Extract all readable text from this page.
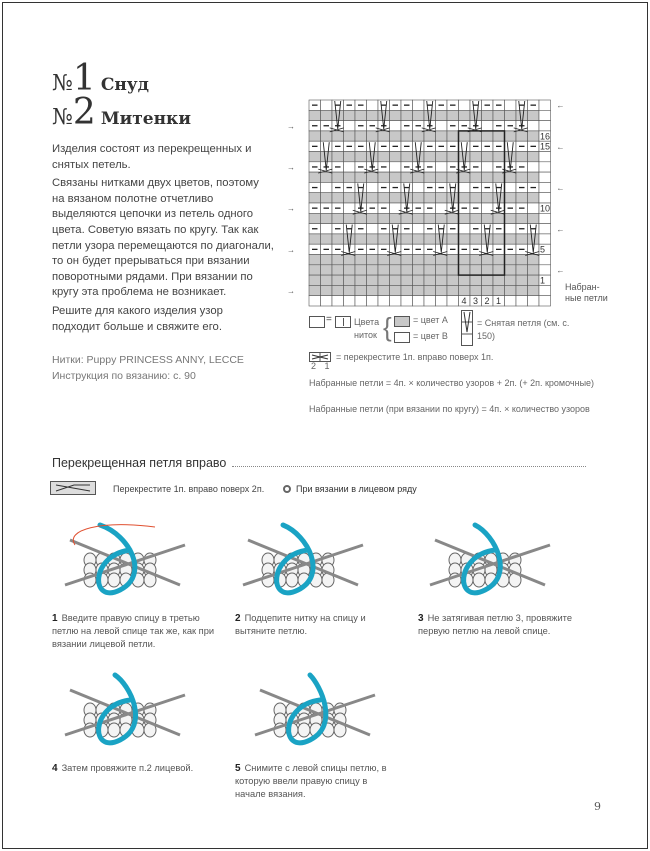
№1 Снуд
№2 Митенки

Изделия состоят из перекрещенных и снятых петель.

Связаны нитками двух цветов, поэтому на вязаном полотне отчетливо выделяются цепочки из петель одного цвета. Советую вязать по кругу. Так как петли узора перемещаются по диагонали, то он будет прерываться при вязании поворотными рядами. При вязании по кругу эта проблема не возникает.

Решите для какого изделия узор подходит больше и свяжите его.

Нитки: Puppy PRINCESS ANNY, LECCE
Инструкция по вязанию: с. 90
4 3 2 1
16
15
10
5
1
←
→
←
→
←
→
←
→
←
→	Набран-ные петли
= Цвета ниток { = цвет A
= цвет B
= Снятая петля (см. с. 150)
2 1
= перекрестите 1п. вправо поверх 1п.
Набранные петли = 4п. × количество узоров + 2п. (+ 2п. кромочные)
Набранные петли (при вязании по кругу) = 4п. × количество узоров
Перекрещенная петля вправо
Перекрестите 1п. вправо поверх 2п.	При вязании в лицевом ряду
1 Введите правую спицу в третью петлю на левой спице так же, как при вязании лицевой петли.
2 Подцепите нитку на спицу и вытяните петлю.
3 Не затягивая петлю 3, провяжите первую петлю на левой спице.
4 Затем провяжите п.2 лицевой.	5 Снимите с левой спицы петлю, в которую ввели правую спицу в начале вязания.
9
